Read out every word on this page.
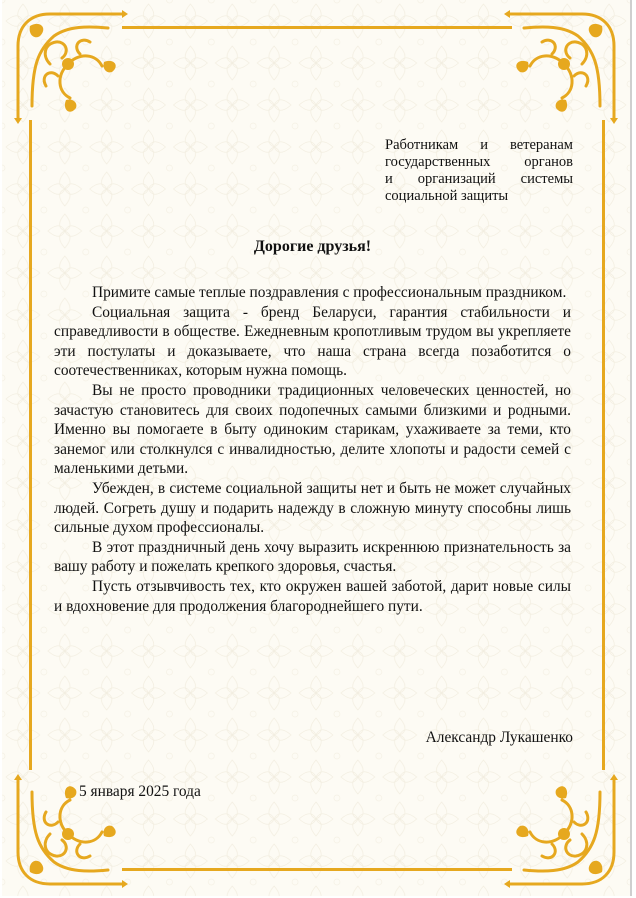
Работникам и ветеранам
государственных органов
и организаций системы
социальной защиты
Дорогие друзья!

Примите самые теплые поздравления с профессиональным праздником.

Социальная защита - бренд Беларуси, гарантия стабильности и справедливости в обществе. Ежедневным кропотливым трудом вы укрепляете эти постулаты и доказываете, что наша страна всегда позаботится о соотечественниках, которым нужна помощь.

Вы не просто проводники традиционных человеческих ценностей, но зачастую становитесь для своих подопечных самыми близкими и родными. Именно вы помогаете в быту одиноким старикам, ухаживаете за теми, кто занемог или столкнулся с инвалидностью, делите хлопоты и радости семей с маленькими детьми.

Убежден, в системе социальной защиты нет и быть не может случайных людей. Согреть душу и подарить надежду в сложную минуту способны лишь сильные духом профессионалы.

В этот праздничный день хочу выразить искреннюю признательность за вашу работу и пожелать крепкого здоровья, счастья.

Пусть отзывчивость тех, кто окружен вашей заботой, дарит новые силы и вдохновение для продолжения благороднейшего пути.

Александр Лукашенко
5 января 2025 года
